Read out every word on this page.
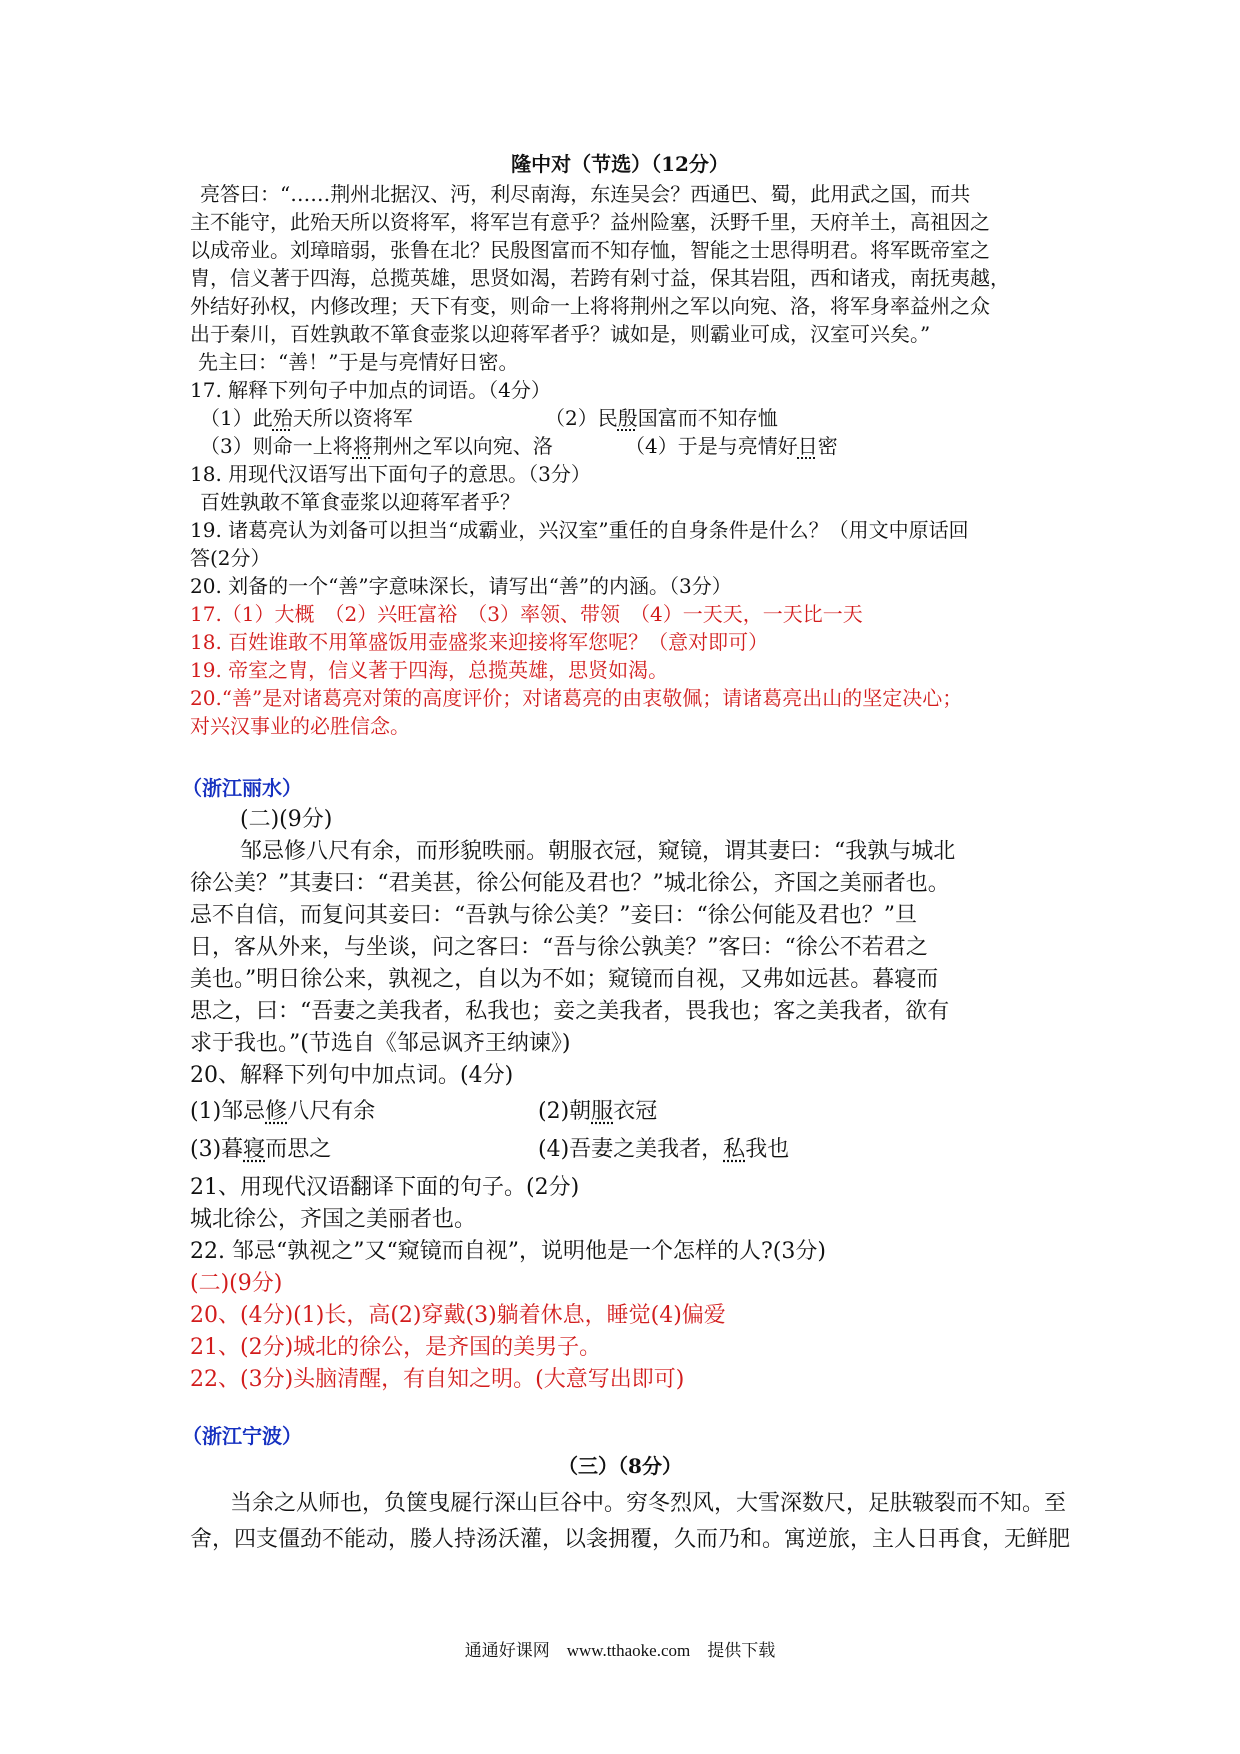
隆中对（节选）（12分）
亮答曰：“……荆州北据汉、沔，利尽南海，东连吴会？西通巴、蜀，此用武之国，而共
主不能守，此殆天所以资将军，将军岂有意乎？益州险塞，沃野千里，天府羊土，高祖因之
以成帝业。刘璋暗弱，张鲁在北？民殷图富而不知存恤，智能之士思得明君。将军既帝室之
胄，信义著于四海，总揽英雄，思贤如渴，若跨有剁寸益，保其岩阻，西和诸戎，南抚夷越，
外结好孙权，内修改理；天下有变，则命一上将将荆州之军以向宛、洛，将军身率益州之众
出于秦川，百姓孰敢不箪食壶浆以迎蒋军者乎？诚如是，则霸业可成，汉室可兴矣。”
先主曰：“善！”于是与亮情好日密。
17. 解释下列句子中加点的词语。（4分）
（1）此殆天所以资将军	（2）民殷国富而不知存恤
（3）则命一上将将荆州之军以向宛、洛	（4）于是与亮情好日密
18. 用现代汉语写出下面句子的意思。（3分）
百姓孰敢不箪食壶浆以迎蒋军者乎？
19. 诸葛亮认为刘备可以担当“成霸业，兴汉室”重任的自身条件是什么？（用文中原话回
答(2分）
20. 刘备的一个“善”字意味深长，请写出“善”的内涵。（3分）
17.（1）大概　（2）兴旺富裕　（3）率领、带领　（4）一天天，一天比一天
18. 百姓谁敢不用箪盛饭用壶盛浆来迎接将军您呢？（意对即可）
19. 帝室之胄，信义著于四海，总揽英雄，思贤如渴。
20.“善”是对诸葛亮对策的高度评价；对诸葛亮的由衷敬佩；请诸葛亮出山的坚定决心；
对兴汉事业的必胜信念。
（浙江丽水）
(二)(9分)
邹忌修八尺有余，而形貌昳丽。朝服衣冠，窥镜，谓其妻曰：“我孰与城北
徐公美？”其妻曰：“君美甚，徐公何能及君也？”城北徐公，齐国之美丽者也。
忌不自信，而复问其妾曰：“吾孰与徐公美？”妾曰：“徐公何能及君也？”旦
日，客从外来，与坐谈，问之客曰：“吾与徐公孰美？”客曰：“徐公不若君之
美也。”明日徐公来，孰视之，自以为不如；窥镜而自视，又弗如远甚。暮寝而
思之，曰：“吾妻之美我者，私我也；妾之美我者，畏我也；客之美我者，欲有
求于我也。”(节选自《邹忌讽齐王纳谏》)
20、解释下列句中加点词。(4分)
(1)邹忌修八尺有余	(2)朝服衣冠
(3)暮寝而思之	(4)吾妻之美我者，私我也
21、用现代汉语翻译下面的句子。(2分)
城北徐公，齐国之美丽者也。
22. 邹忌“孰视之”又“窥镜而自视”，说明他是一个怎样的人?(3分)
(二)(9分)
20、(4分)(1)长，高(2)穿戴(3)躺着休息，睡觉(4)偏爱
21、(2分)城北的徐公，是齐国的美男子。
22、(3分)头脑清醒，有自知之明。(大意写出即可)
（浙江宁波）
（三）（8分）
当余之从师也，负箧曳屣行深山巨谷中。穷冬烈风，大雪深数尺，足肤皲裂而不知。至
舍，四支僵劲不能动，媵人持汤沃灌，以衾拥覆，久而乃和。寓逆旅，主人日再食，无鲜肥
通通好课网　www.tthaoke.com　提供下载
